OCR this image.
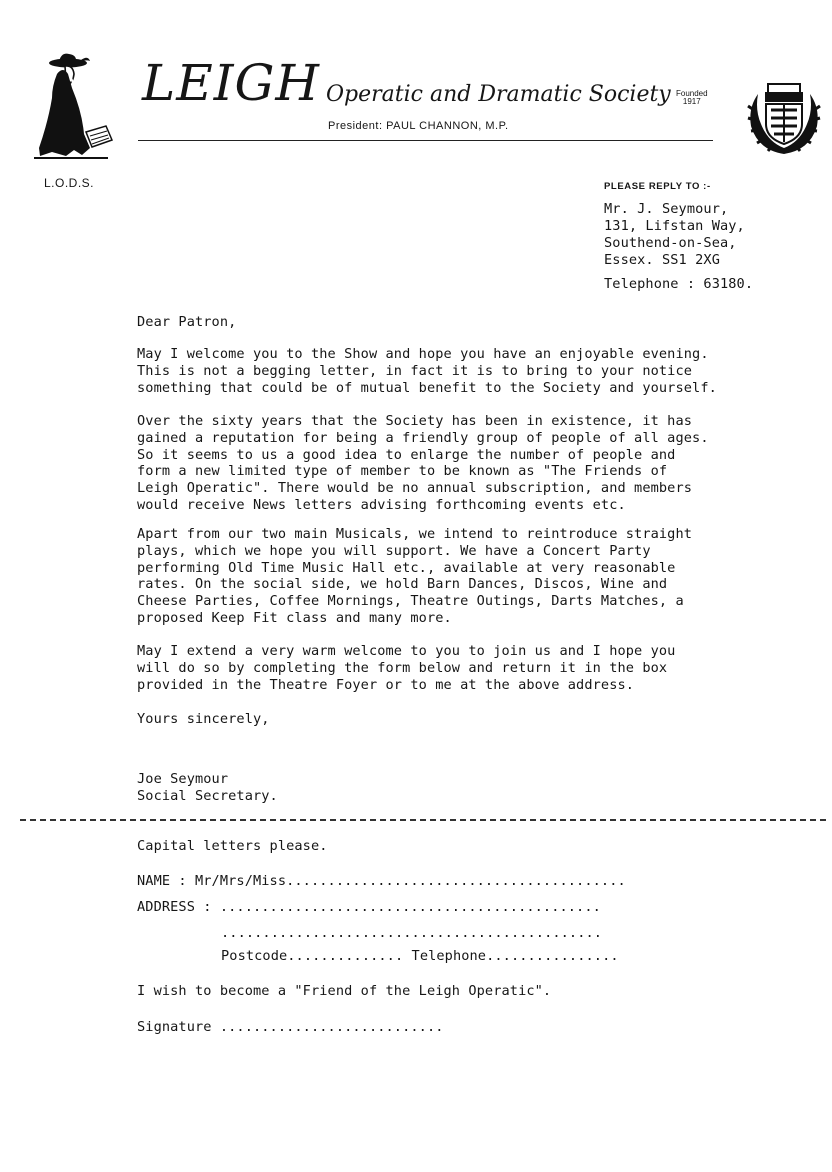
L.O.D.S.
LEIGH Operatic and Dramatic Society Founded
1917
President: PAUL CHANNON, M.P.
PLEASE REPLY TO :-
Mr. J. Seymour,
131, Lifstan Way,
Southend-on-Sea,
Essex. SS1 2XG
Telephone : 63180.
Dear Patron,
May I welcome you to the Show and hope you have an enjoyable evening.
This is not a begging letter, in fact it is to bring to your notice
something that could be of mutual benefit to the Society and yourself.
Over the sixty years that the Society has been in existence, it has
gained a reputation for being a friendly group of people of all ages.
So it seems to us a good idea to enlarge the number of people and
form a new limited type of member to be known as "The Friends of
Leigh Operatic". There would be no annual subscription, and members
would receive News letters advising forthcoming events etc.
Apart from our two main Musicals, we intend to reintroduce straight
plays, which we hope you will support. We have a Concert Party
performing Old Time Music Hall etc., available at very reasonable
rates. On the social side, we hold Barn Dances, Discos, Wine and
Cheese Parties, Coffee Mornings, Theatre Outings, Darts Matches, a
proposed Keep Fit class and many more.
May I extend a very warm welcome to you to join us and I hope you
will do so by completing the form below and return it in the box
provided in the Theatre Foyer or to me at the above address.
Yours sincerely,
Joe Seymour
Social Secretary.
Capital letters please.
NAME : Mr/Mrs/Miss.........................................
ADDRESS : ..............................................
..............................................
Postcode.............. Telephone................
I wish to become a "Friend of the Leigh Operatic".
Signature ...........................
